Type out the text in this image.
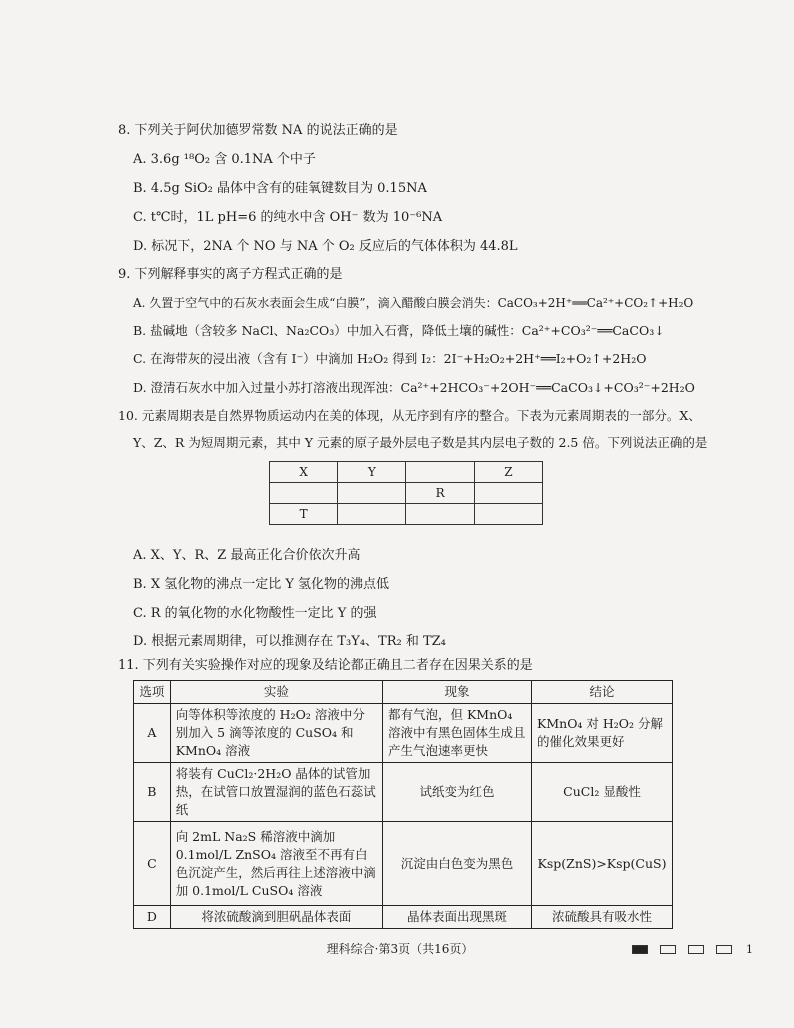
8. 下列关于阿伏加德罗常数 NA 的说法正确的是
A. 3.6g ¹⁸O₂ 含 0.1NA 个中子
B. 4.5g SiO₂ 晶体中含有的硅氧键数目为 0.15NA
C. t℃时，1L pH=6 的纯水中含 OH⁻ 数为 10⁻⁶NA
D. 标况下，2NA 个 NO 与 NA 个 O₂ 反应后的气体体积为 44.8L
9. 下列解释事实的离子方程式正确的是
A. 久置于空气中的石灰水表面会生成“白膜”，滴入醋酸白膜会消失：CaCO₃+2H⁺══Ca²⁺+CO₂↑+H₂O
B. 盐碱地（含较多 NaCl、Na₂CO₃）中加入石膏，降低土壤的碱性：Ca²⁺+CO₃²⁻══CaCO₃↓
C. 在海带灰的浸出液（含有 I⁻）中滴加 H₂O₂ 得到 I₂：2I⁻+H₂O₂+2H⁺══I₂+O₂↑+2H₂O
D. 澄清石灰水中加入过量小苏打溶液出现浑浊：Ca²⁺+2HCO₃⁻+2OH⁻══CaCO₃↓+CO₃²⁻+2H₂O
10. 元素周期表是自然界物质运动内在美的体现，从无序到有序的整合。下表为元素周期表的一部分。X、
Y、Z、R 为短周期元素，其中 Y 元素的原子最外层电子数是其内层电子数的 2.5 倍。下列说法正确的是
X	Y		Z
		R	
T			
A. X、Y、R、Z 最高正化合价依次升高
B. X 氢化物的沸点一定比 Y 氢化物的沸点低
C. R 的氧化物的水化物酸性一定比 Y 的强
D. 根据元素周期律，可以推测存在 T₃Y₄、TR₂ 和 TZ₄
11. 下列有关实验操作对应的现象及结论都正确且二者存在因果关系的是
选项	实验	现象	结论
A	向等体积等浓度的 H₂O₂ 溶液中分别加入 5 滴等浓度的 CuSO₄ 和 KMnO₄ 溶液	都有气泡，但 KMnO₄ 溶液中有黑色固体生成且产生气泡速率更快	KMnO₄ 对 H₂O₂ 分解的催化效果更好
B	将装有 CuCl₂·2H₂O 晶体的试管加热，在试管口放置湿润的蓝色石蕊试纸	试纸变为红色	CuCl₂ 显酸性
C	向 2mL Na₂S 稀溶液中滴加 0.1mol/L ZnSO₄ 溶液至不再有白色沉淀产生，然后再往上述溶液中滴加 0.1mol/L CuSO₄ 溶液	沉淀由白色变为黑色	Ksp(ZnS)>Ksp(CuS)
D	将浓硫酸滴到胆矾晶体表面	晶体表面出现黑斑	浓硫酸具有吸水性
理科综合·第3页（共16页）	1
